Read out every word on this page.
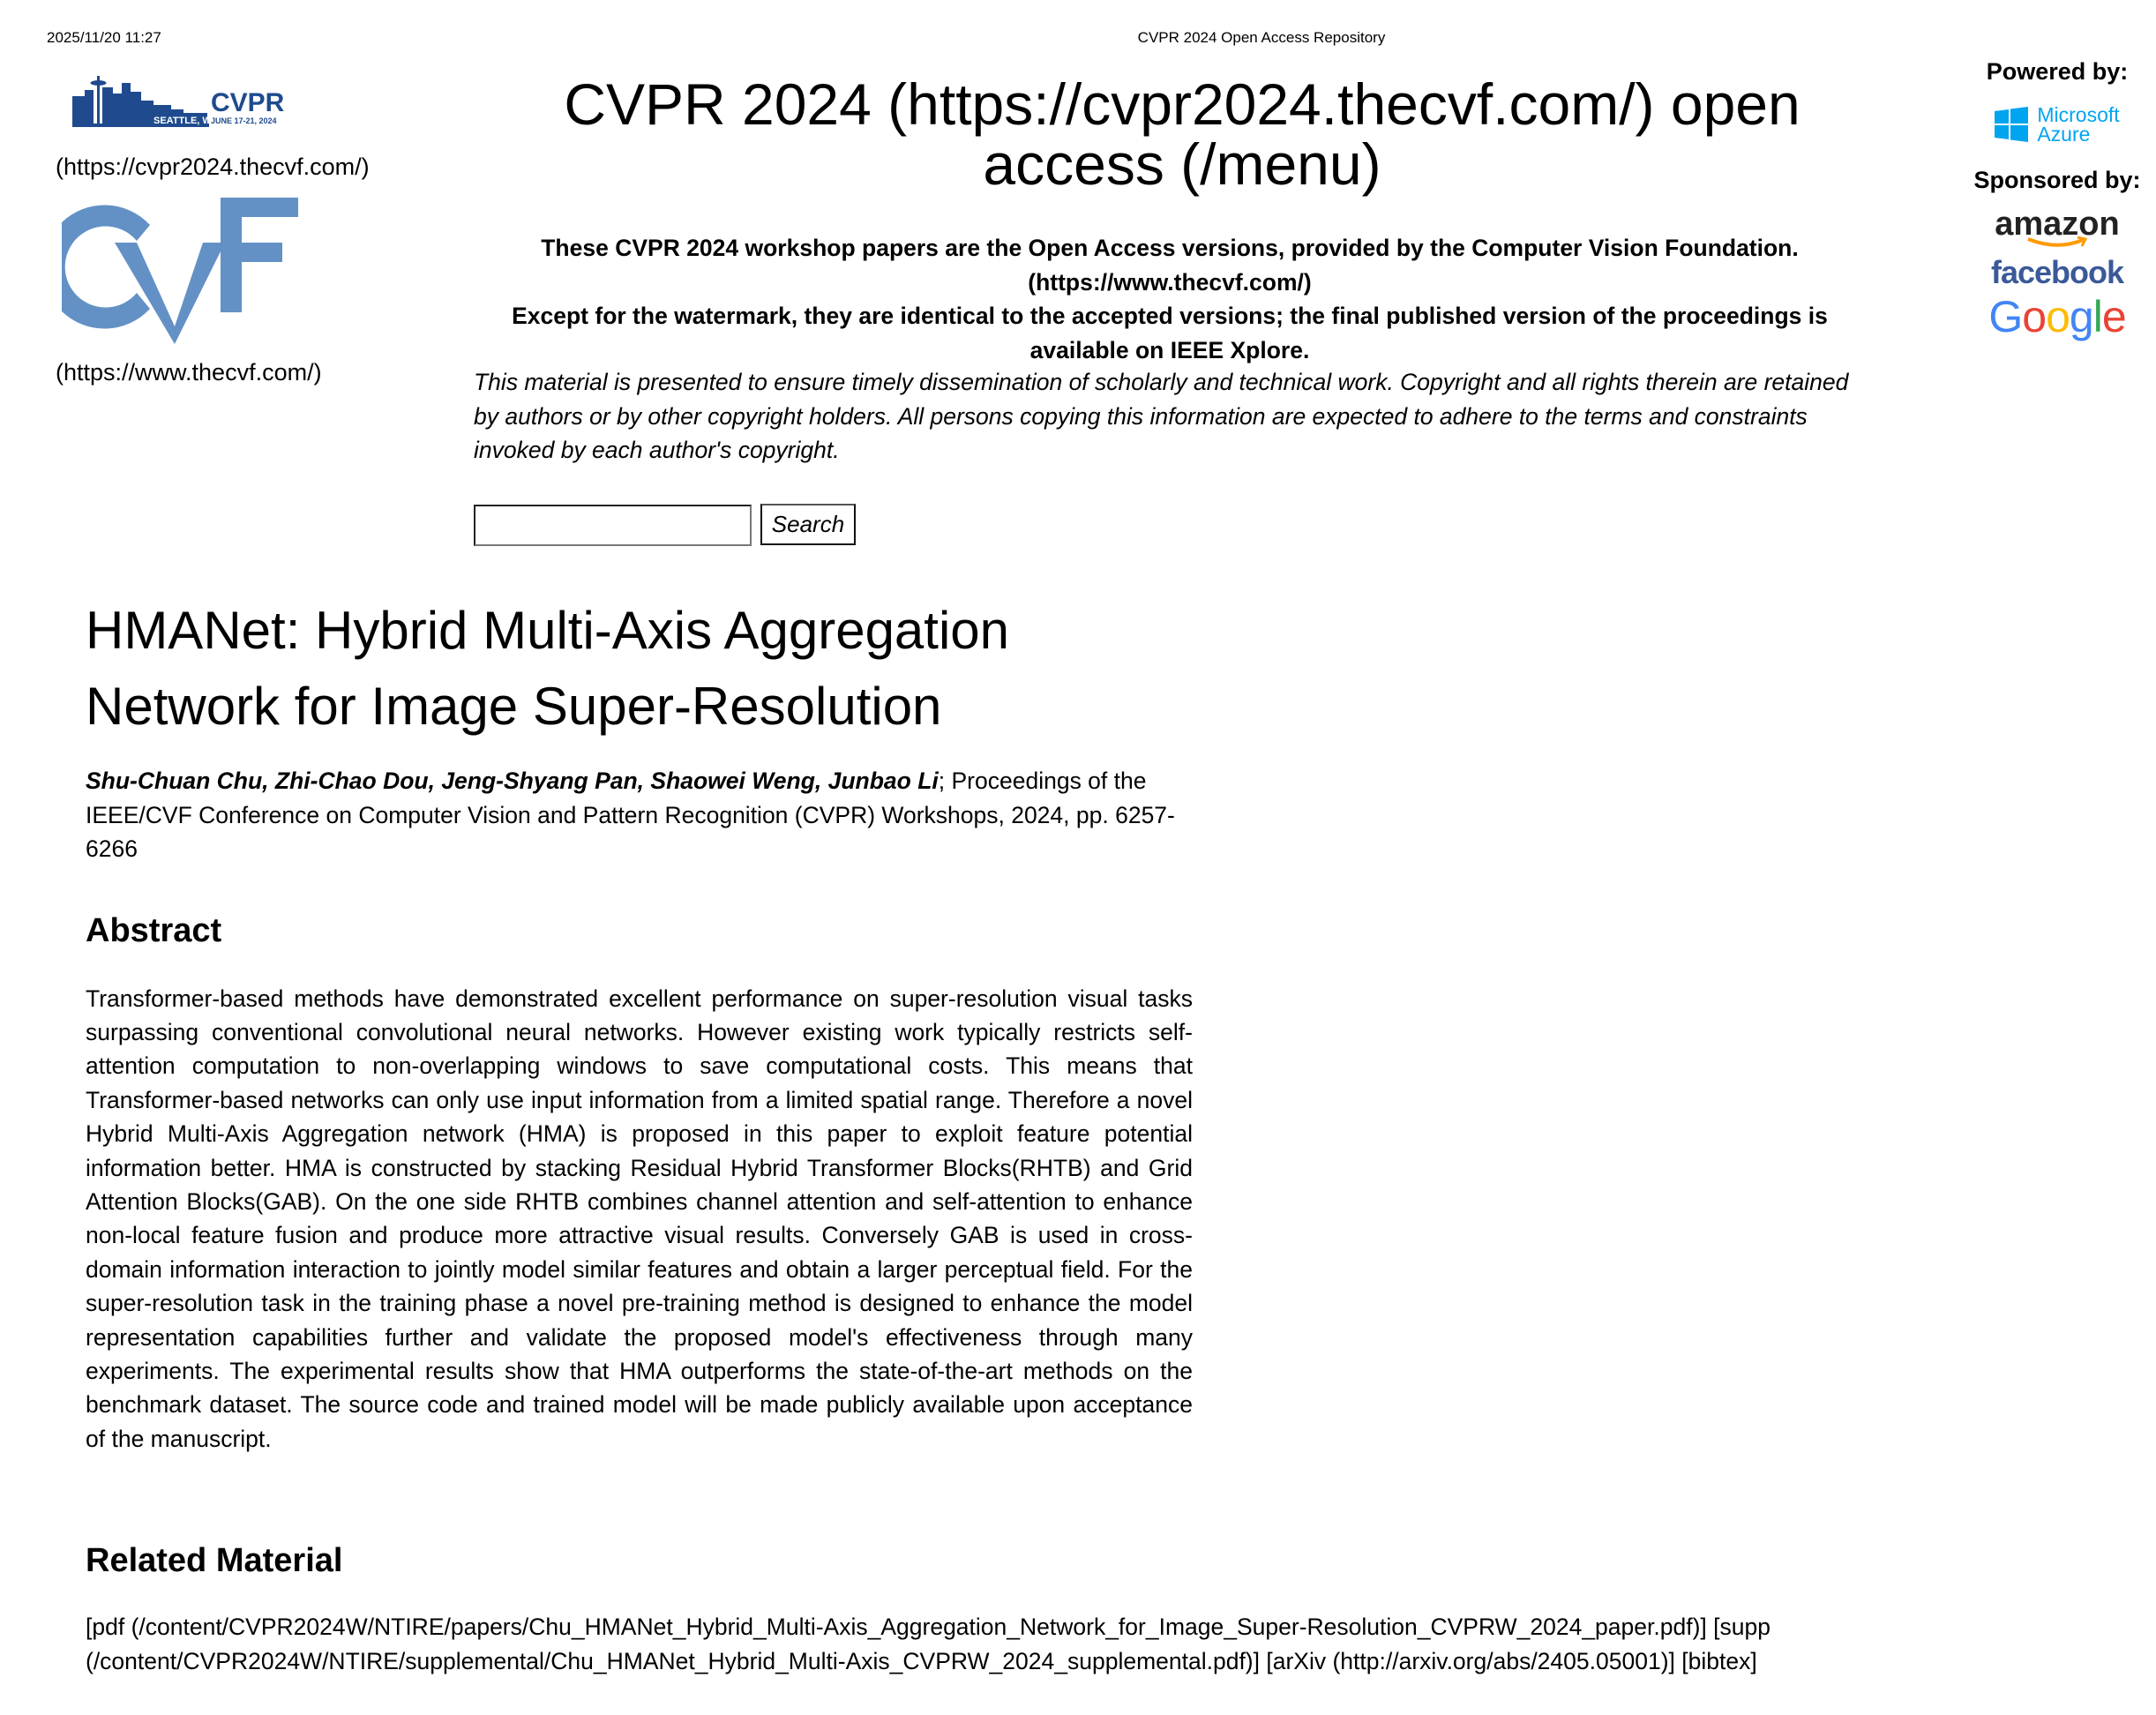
2025/11/20 11:27	CVPR 2024 Open Access Repository
SEATTLE, WA
CVPR
JUNE 17-21, 2024
(https://cvpr2024.thecvf.com/)
(https://www.thecvf.com/)
CVPR 2024 (https://cvpr2024.thecvf.com/) open
access (/menu)
These CVPR 2024 workshop papers are the Open Access versions, provided by the Computer Vision Foundation.
(https://www.thecvf.com/)
Except for the watermark, they are identical to the accepted versions; the final published version of the proceedings is available on IEEE Xplore.
This material is presented to ensure timely dissemination of scholarly and technical work. Copyright and all rights therein are retained by authors or by other copyright holders. All persons copying this information are expected to adhere to the terms and constraints invoked by each author's copyright.
Search
Powered by:
Microsoft
Azure
Sponsored by:
amazon
facebook
Google
HMANet: Hybrid Multi-Axis Aggregation Network for Image Super-Resolution
Shu-Chuan Chu, Zhi-Chao Dou, Jeng-Shyang Pan, Shaowei Weng, Junbao Li; Proceedings of the IEEE/CVF Conference on Computer Vision and Pattern Recognition (CVPR) Workshops, 2024, pp. 6257-6266
Abstract
Transformer-based methods have demonstrated excellent performance on super-resolution visual tasks surpassing conventional convolutional neural networks. However existing work typically restricts self-attention computation to non-overlapping windows to save computational costs. This means that Transformer-based networks can only use input information from a limited spatial range. Therefore a novel Hybrid Multi-Axis Aggregation network (HMA) is proposed in this paper to exploit feature potential information better. HMA is constructed by stacking Residual Hybrid Transformer Blocks(RHTB) and Grid Attention Blocks(GAB). On the one side RHTB combines channel attention and self-attention to enhance non-local feature fusion and produce more attractive visual results. Conversely GAB is used in cross-domain information interaction to jointly model similar features and obtain a larger perceptual field. For the super-resolution task in the training phase a novel pre-training method is designed to enhance the model representation capabilities further and validate the proposed model's effectiveness through many experiments. The experimental results show that HMA outperforms the state-of-the-art methods on the benchmark dataset. The source code and trained model will be made publicly available upon acceptance of the manuscript.
Related Material
[pdf (/content/CVPR2024W/NTIRE/papers/Chu_HMANet_Hybrid_Multi-Axis_Aggregation_Network_for_Image_Super-Resolution_CVPRW_2024_paper.pdf)] [supp (/content/CVPR2024W/NTIRE/supplemental/Chu_HMANet_Hybrid_Multi-Axis_CVPRW_2024_supplemental.pdf)] [arXiv (http://arxiv.org/abs/2405.05001)] [bibtex]
